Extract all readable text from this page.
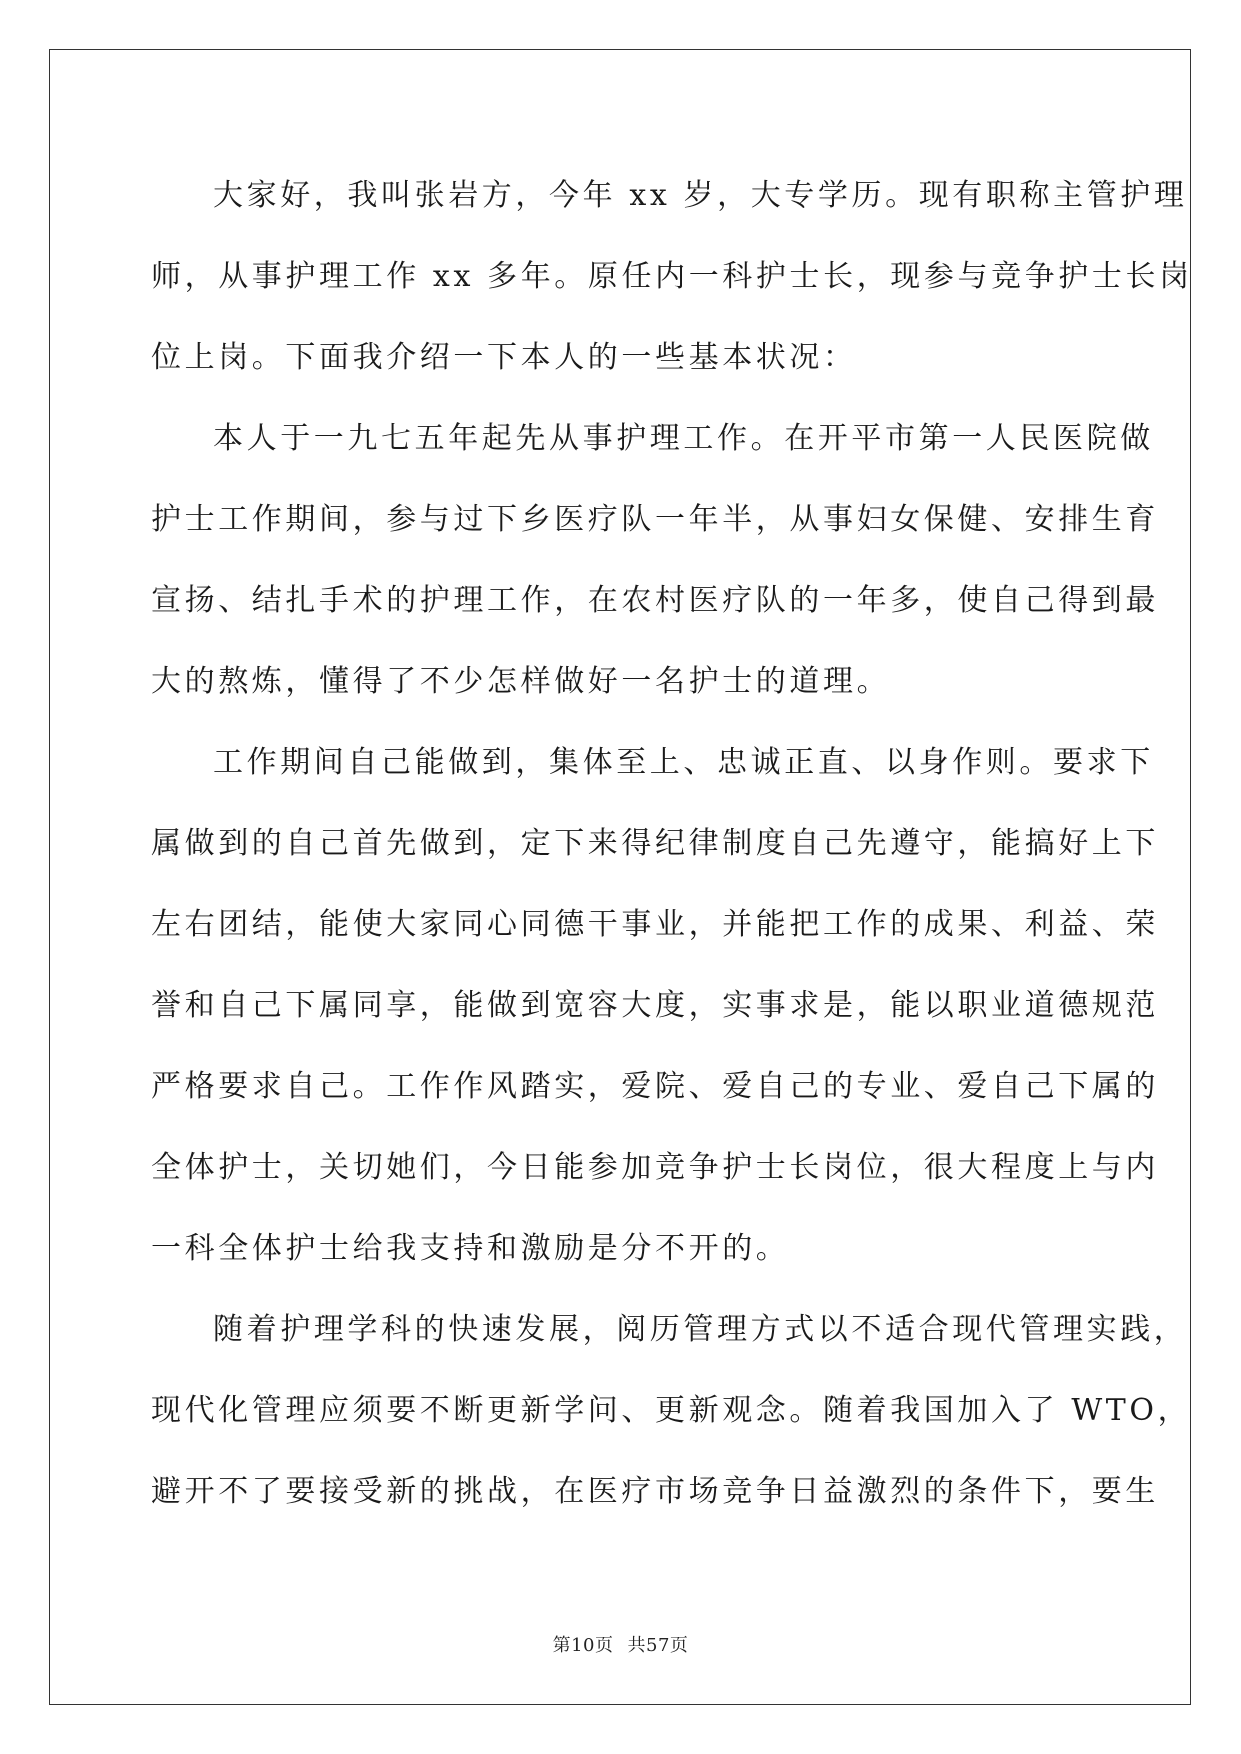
大家好，我叫张岩方，今年 xx 岁，大专学历。现有职称主管护理
师，从事护理工作 xx 多年。原任内一科护士长，现参与竞争护士长岗
位上岗。下面我介绍一下本人的一些基本状况：
本人于一九七五年起先从事护理工作。在开平市第一人民医院做
护士工作期间，参与过下乡医疗队一年半，从事妇女保健、安排生育
宣扬、结扎手术的护理工作，在农村医疗队的一年多，使自己得到最
大的熬炼，懂得了不少怎样做好一名护士的道理。
工作期间自己能做到，集体至上、忠诚正直、以身作则。要求下
属做到的自己首先做到，定下来得纪律制度自己先遵守，能搞好上下
左右团结，能使大家同心同德干事业，并能把工作的成果、利益、荣
誉和自己下属同享，能做到宽容大度，实事求是，能以职业道德规范
严格要求自己。工作作风踏实，爱院、爱自己的专业、爱自己下属的
全体护士，关切她们，今日能参加竞争护士长岗位，很大程度上与内
一科全体护士给我支持和激励是分不开的。
随着护理学科的快速发展，阅历管理方式以不适合现代管理实践，
现代化管理应须要不断更新学问、更新观念。随着我国加入了 WTO，
避开不了要接受新的挑战，在医疗市场竞争日益激烈的条件下，要生
第10页 共57页
